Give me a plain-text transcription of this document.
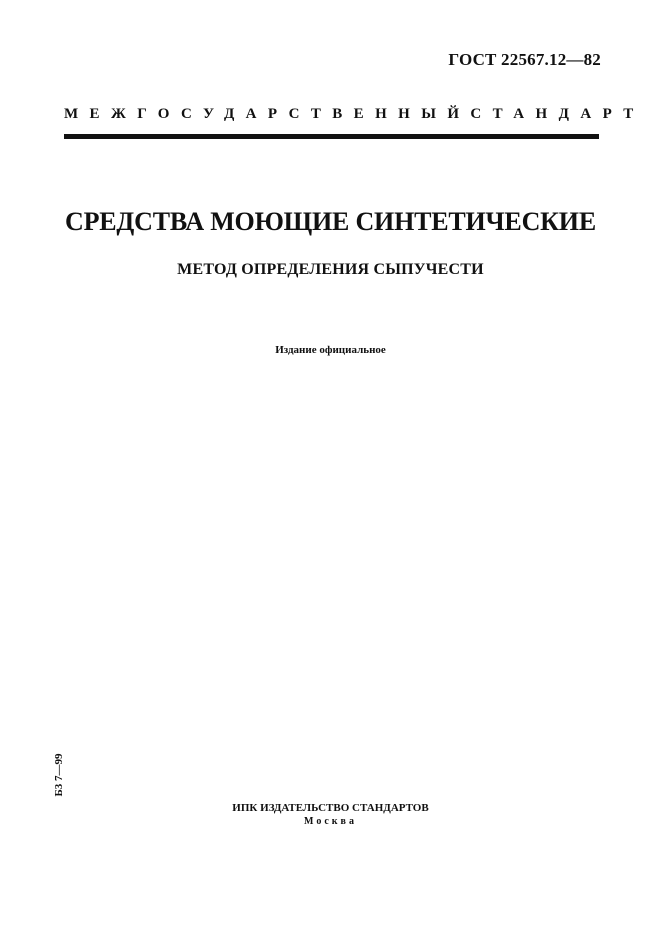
ГОСТ 22567.12—82
МЕЖГОСУДАРСТВЕННЫЙ СТАНДАРТ
СРЕДСТВА МОЮЩИЕ СИНТЕТИЧЕСКИЕ
МЕТОД ОПРЕДЕЛЕНИЯ СЫПУЧЕСТИ
Издание официальное
Б3 7—99
ИПК ИЗДАТЕЛЬСТВО СТАНДАРТОВ
Москва
